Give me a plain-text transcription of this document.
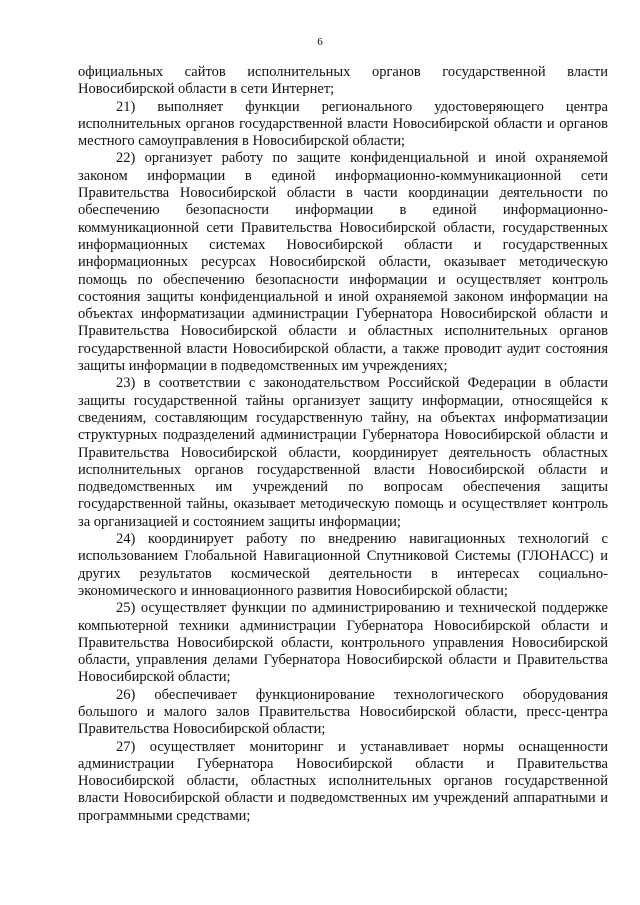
6

официальных сайтов исполнительных органов государственной власти Новосибирской области в сети Интернет;

21) выполняет функции регионального удостоверяющего центра исполнительных органов государственной власти Новосибирской области и органов местного самоуправления в Новосибирской области;

22) организует работу по защите конфиденциальной и иной охраняемой законом информации в единой информационно-коммуникационной сети Правительства Новосибирской области в части координации деятельности по обеспечению безопасности информации в единой информационно-коммуникационной сети Правительства Новосибирской области, государственных информационных системах Новосибирской области и государственных информационных ресурсах Новосибирской области, оказывает методическую помощь по обеспечению безопасности информации и осуществляет контроль состояния защиты конфиденциальной и иной охраняемой законом информации на объектах информатизации администрации Губернатора Новосибирской области и Правительства Новосибирской области и областных исполнительных органов государственной власти Новосибирской области, а также проводит аудит состояния защиты информации в подведомственных им учреждениях;

23) в соответствии с законодательством Российской Федерации в области защиты государственной тайны организует защиту информации, относящейся к сведениям, составляющим государственную тайну, на объектах информатизации структурных подразделений администрации Губернатора Новосибирской области и Правительства Новосибирской области, координирует деятельность областных исполнительных органов государственной власти Новосибирской области и подведомственных им учреждений по вопросам обеспечения защиты государственной тайны, оказывает методическую помощь и осуществляет контроль за организацией и состоянием защиты информации;

24) координирует работу по внедрению навигационных технологий с использованием Глобальной Навигационной Спутниковой Системы (ГЛОНАСС) и других результатов космической деятельности в интересах социально-экономического и инновационного развития Новосибирской области;

25) осуществляет функции по администрированию и технической поддержке компьютерной техники администрации Губернатора Новосибирской области и Правительства Новосибирской области, контрольного управления Новосибирской области, управления делами Губернатора Новосибирской области и Правительства Новосибирской области;

26) обеспечивает функционирование технологического оборудования большого и малого залов Правительства Новосибирской области, пресс-центра Правительства Новосибирской области;

27) осуществляет мониторинг и устанавливает нормы оснащенности администрации Губернатора Новосибирской области и Правительства Новосибирской области, областных исполнительных органов государственной власти Новосибирской области и подведомственных им учреждений аппаратными и программными средствами;
